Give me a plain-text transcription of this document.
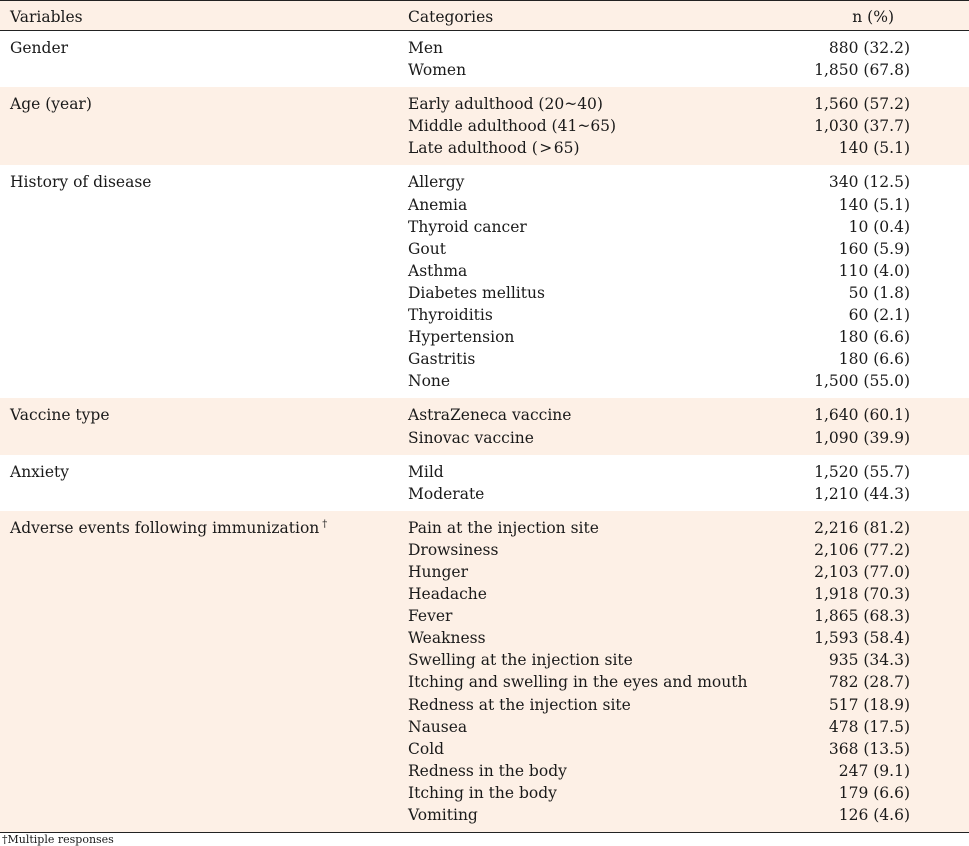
Variables	Categories	n (%)
Gender	Men	880 (32.2)
Women	1,850 (67.8)
Age (year)	Early adulthood (20~40)	1,560 (57.2)
Middle adulthood (41~65)	1,030 (37.7)
Late adulthood ( > 65)	140 (5.1)
History of disease	Allergy	340 (12.5)
Anemia	140 (5.1)
Thyroid cancer	10 (0.4)
Gout	160 (5.9)
Asthma	110 (4.0)
Diabetes mellitus	50 (1.8)
Thyroiditis	60 (2.1)
Hypertension	180 (6.6)
Gastritis	180 (6.6)
None	1,500 (55.0)
Vaccine type	AstraZeneca vaccine	1,640 (60.1)
Sinovac vaccine	1,090 (39.9)
Anxiety	Mild	1,520 (55.7)
Moderate	1,210 (44.3)
Adverse events following immunization †	Pain at the injection site	2,216 (81.2)
Drowsiness	2,106 (77.2)
Hunger	2,103 (77.0)
Headache	1,918 (70.3)
Fever	1,865 (68.3)
Weakness	1,593 (58.4)
Swelling at the injection site	935 (34.3)
Itching and swelling in the eyes and mouth	782 (28.7)
Redness at the injection site	517 (18.9)
Nausea	478 (17.5)
Cold	368 (13.5)
Redness in the body	247 (9.1)
Itching in the body	179 (6.6)
Vomiting	126 (4.6)
†Multiple responses
